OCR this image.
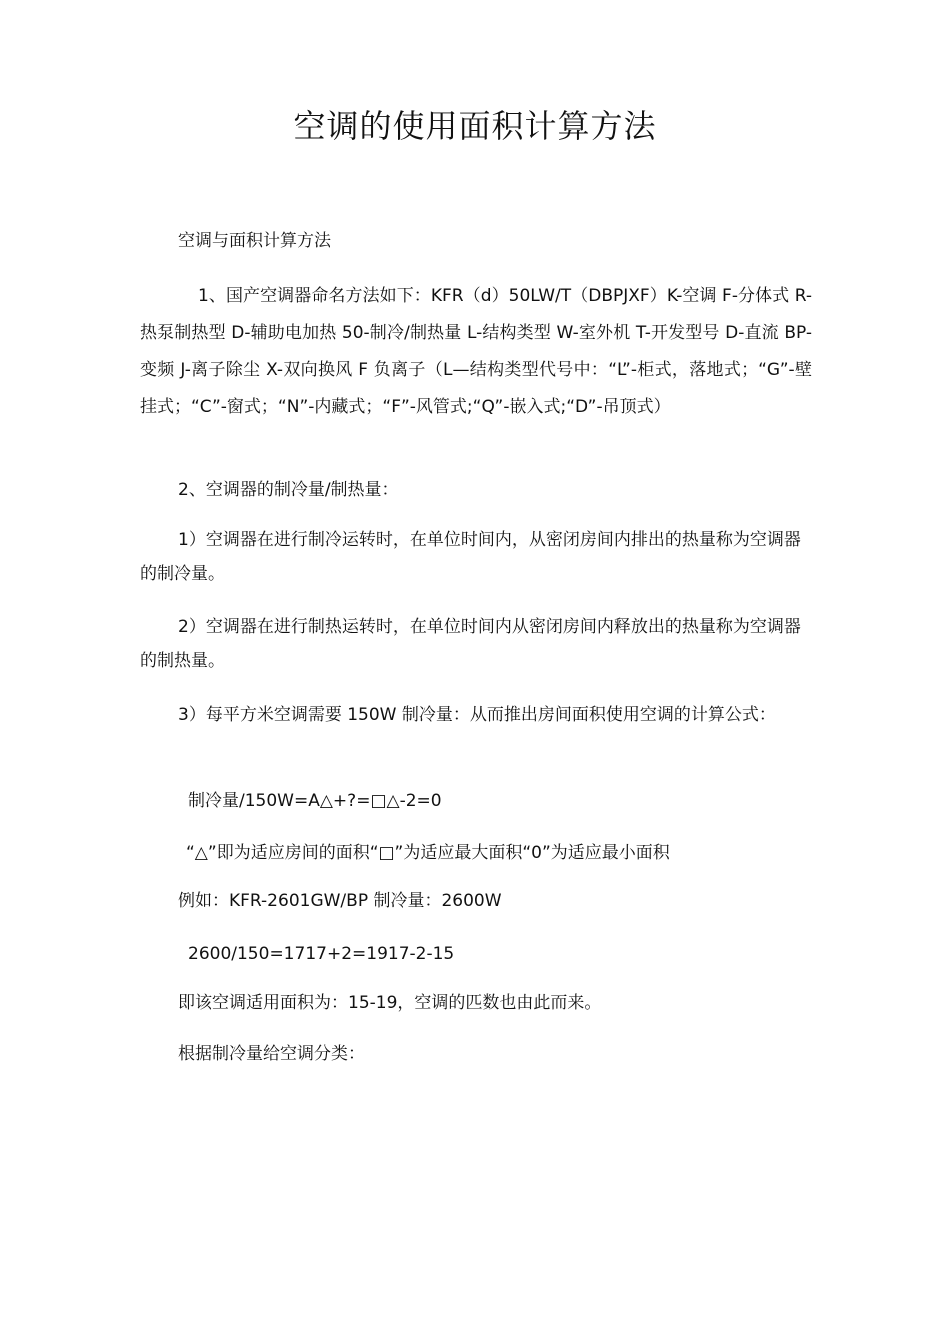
空调的使用面积计算方法

空调与面积计算方法

1、国产空调器命名方法如下：KFR（d）50LW/T（DBPJXF）K-空调 F-分体式 R-热泵制热型 D-辅助电加热 50-制冷/制热量 L-结构类型 W-室外机 T-开发型号 D-直流 BP-变频 J-离子除尘 X-双向换风 F 负离子（L—结构类型代号中：“L”-柜式，落地式；“G”-壁挂式；“C”-窗式；“N”-内藏式；“F”-风管式;“Q”-嵌入式;“D”-吊顶式）

2、空调器的制冷量/制热量：

1）空调器在进行制冷运转时，在单位时间内，从密闭房间内排出的热量称为空调器的制冷量。

2）空调器在进行制热运转时，在单位时间内从密闭房间内释放出的热量称为空调器的制热量。

3）每平方米空调需要 150W 制冷量：从而推出房间面积使用空调的计算公式：

制冷量/150W=A△+?=□△-2=0

“△”即为适应房间的面积“□”为适应最大面积“0”为适应最小面积

例如：KFR-2601GW/BP 制冷量：2600W

2600/150=1717+2=1917-2-15

即该空调适用面积为：15-19，空调的匹数也由此而来。

根据制冷量给空调分类：
